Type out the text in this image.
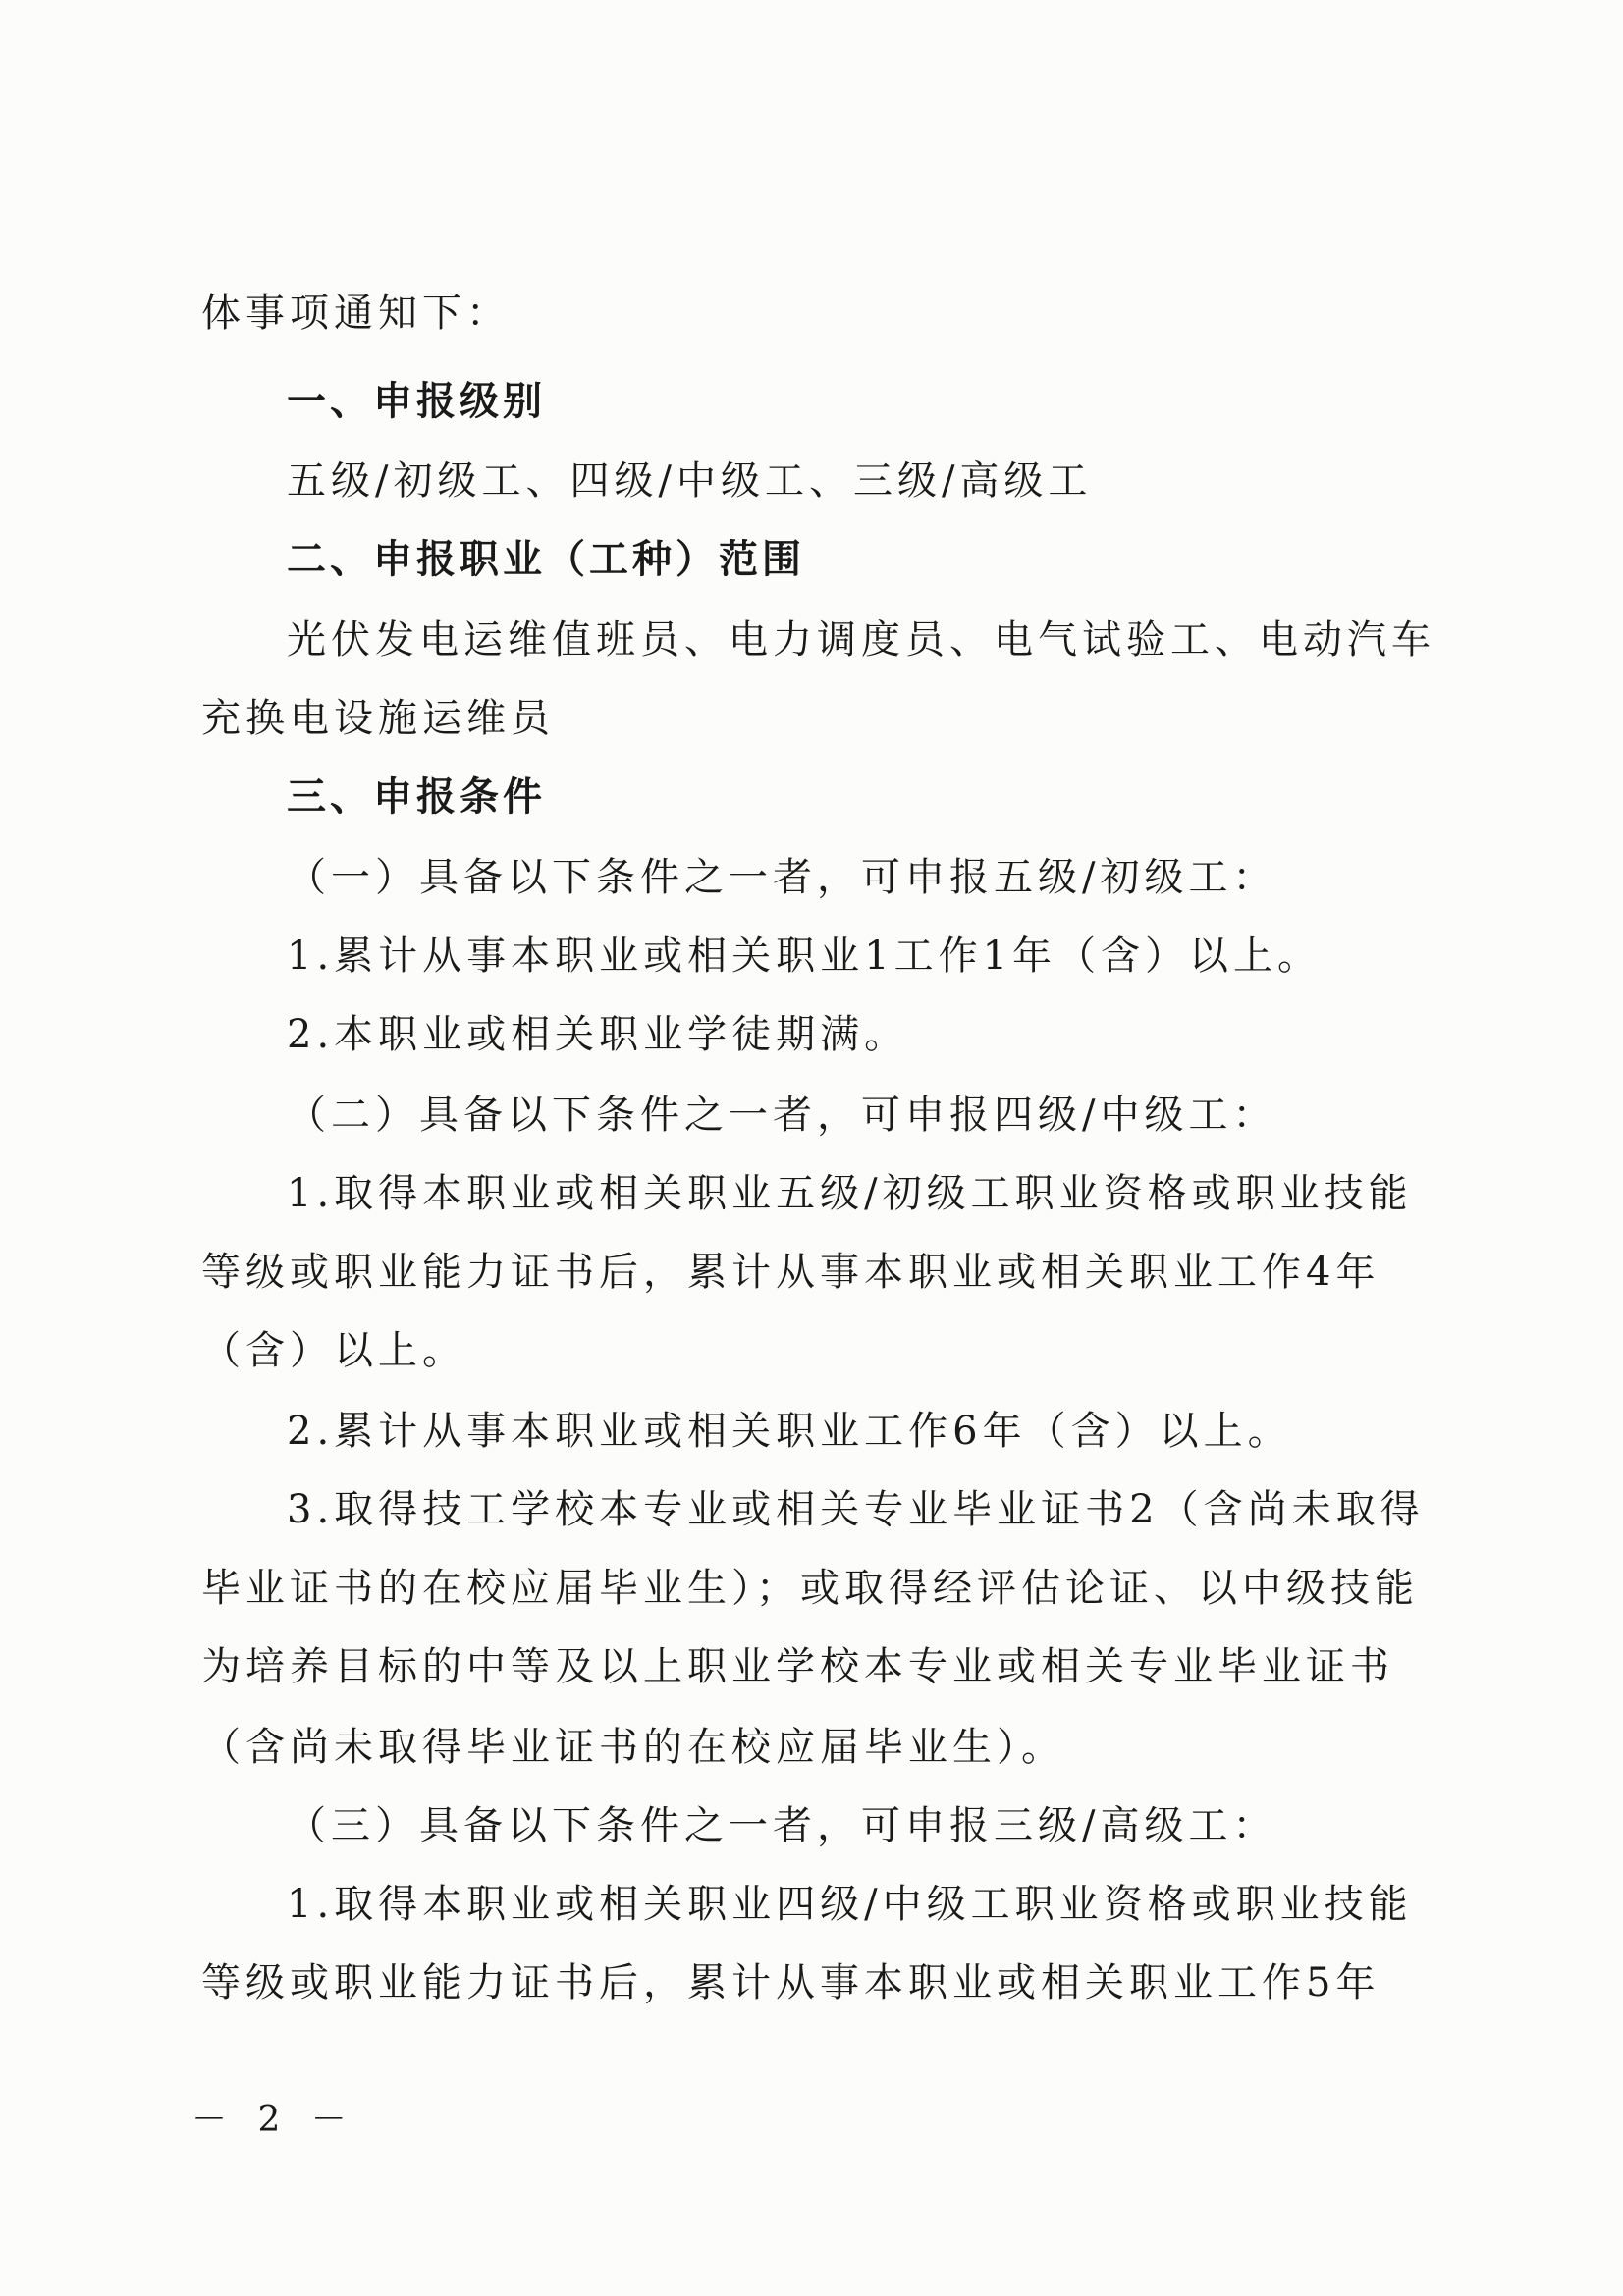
体事项通知下：
一、申报级别
五级/初级工、四级/中级工、三级/高级工
二、申报职业（工种）范围
光伏发电运维值班员、电力调度员、电气试验工、电动汽车
充换电设施运维员
三、申报条件
（一）具备以下条件之一者，可申报五级/初级工：
1.累计从事本职业或相关职业1工作1年（含）以上。
2.本职业或相关职业学徒期满。
（二）具备以下条件之一者，可申报四级/中级工：
1.取得本职业或相关职业五级/初级工职业资格或职业技能
等级或职业能力证书后，累计从事本职业或相关职业工作4年
（含）以上。
2.累计从事本职业或相关职业工作6年（含）以上。
3.取得技工学校本专业或相关专业毕业证书2（含尚未取得
毕业证书的在校应届毕业生）；或取得经评估论证、以中级技能
为培养目标的中等及以上职业学校本专业或相关专业毕业证书
（含尚未取得毕业证书的在校应届毕业生）。
（三）具备以下条件之一者，可申报三级/高级工：
1.取得本职业或相关职业四级/中级工职业资格或职业技能
等级或职业能力证书后，累计从事本职业或相关职业工作5年
－ 2 －
